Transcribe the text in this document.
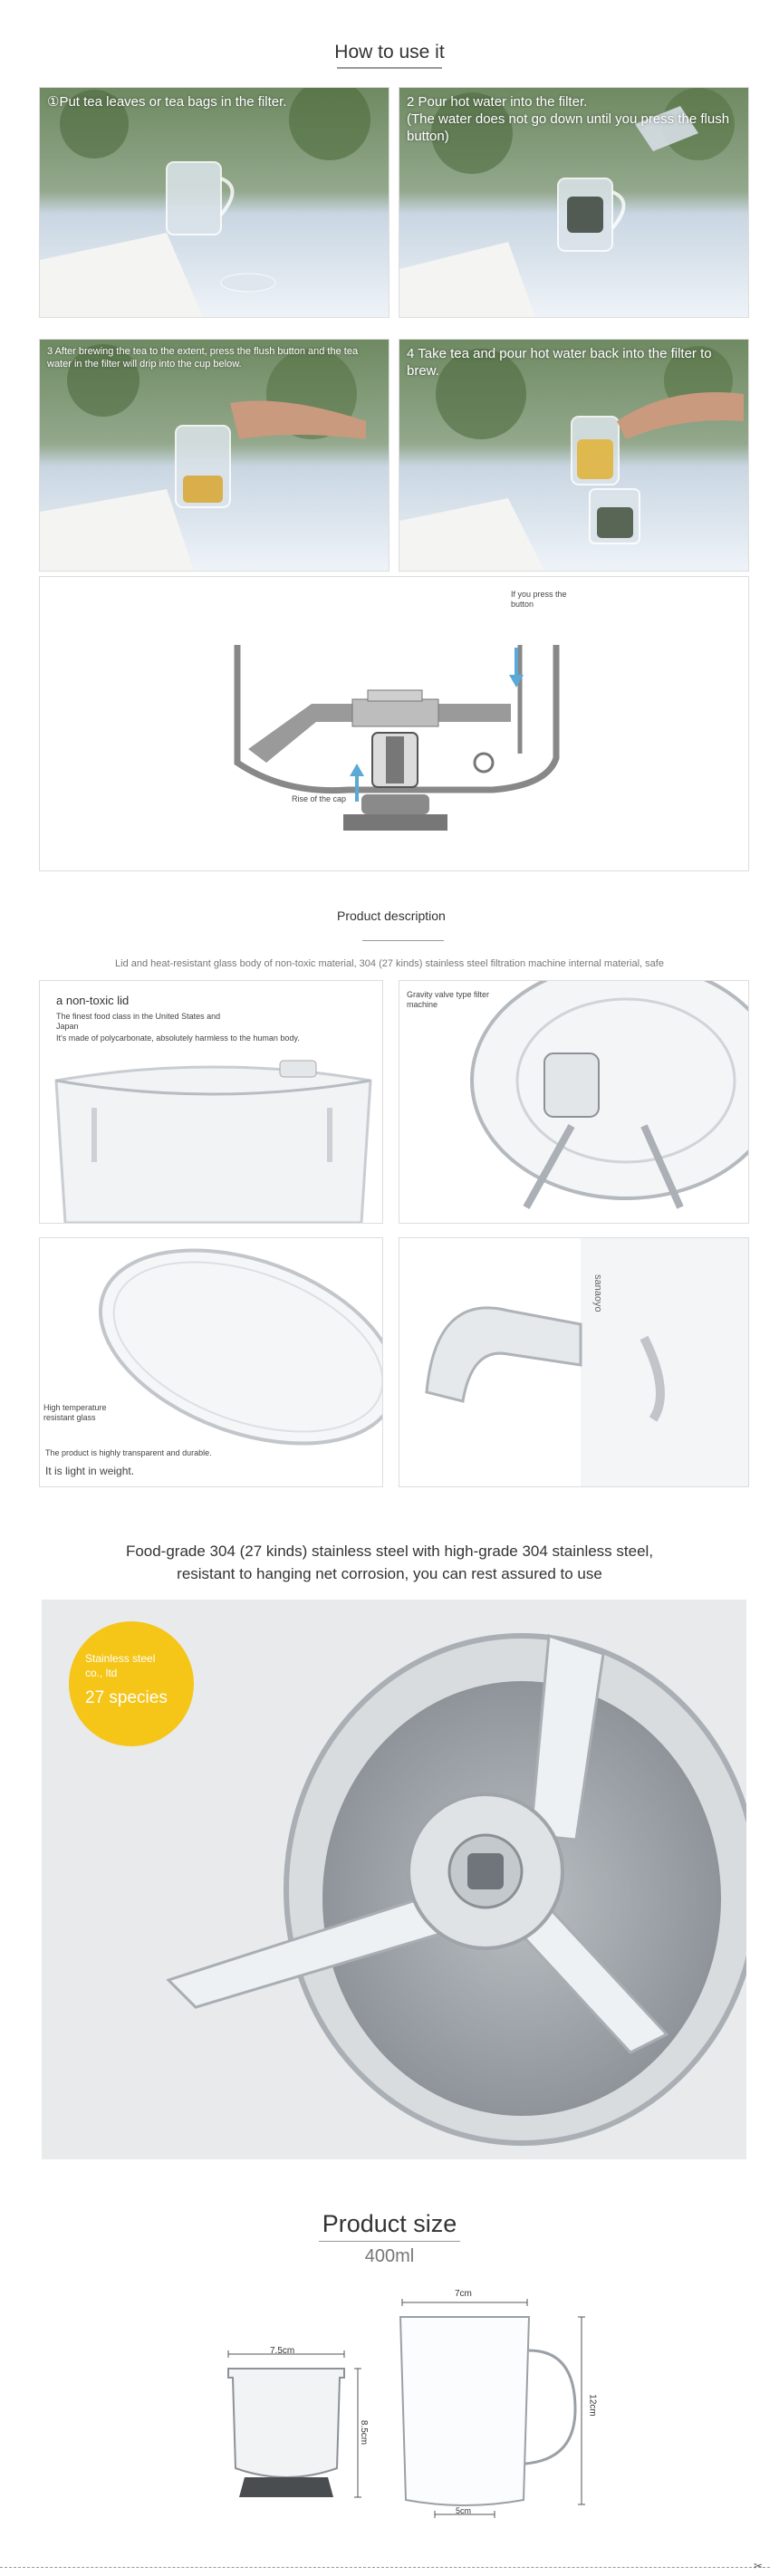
How to use it
①Put tea leaves or tea bags in the filter.	2 Pour hot water into the filter.
(The water does not go down until you press the flush button)
3 After brewing the tea to the extent, press the flush button and the tea water in the filter will drip into the cup below.
4 Take tea and pour hot water back into the filter to brew.
If you press the button
Rise of the cap
Product description
Lid and heat-resistant glass body of non-toxic material, 304 (27 kinds) stainless steel filtration machine internal material, safe
a non-toxic lid
The finest food class in the United States and Japan
It's made of polycarbonate, absolutely harmless to the human body.
Gravity valve type filter machine
High temperature resistant glass
The product is highly transparent and durable.
It is light in weight.
sanaoyo
Food-grade 304 (27 kinds) stainless steel with high-grade 304 stainless steel, resistant to hanging net corrosion, you can rest assured to use
Stainless steel
co., ltd
27 species
Product size
400ml
7.5cm
8.5cm
7cm
12cm
5cm
✂
